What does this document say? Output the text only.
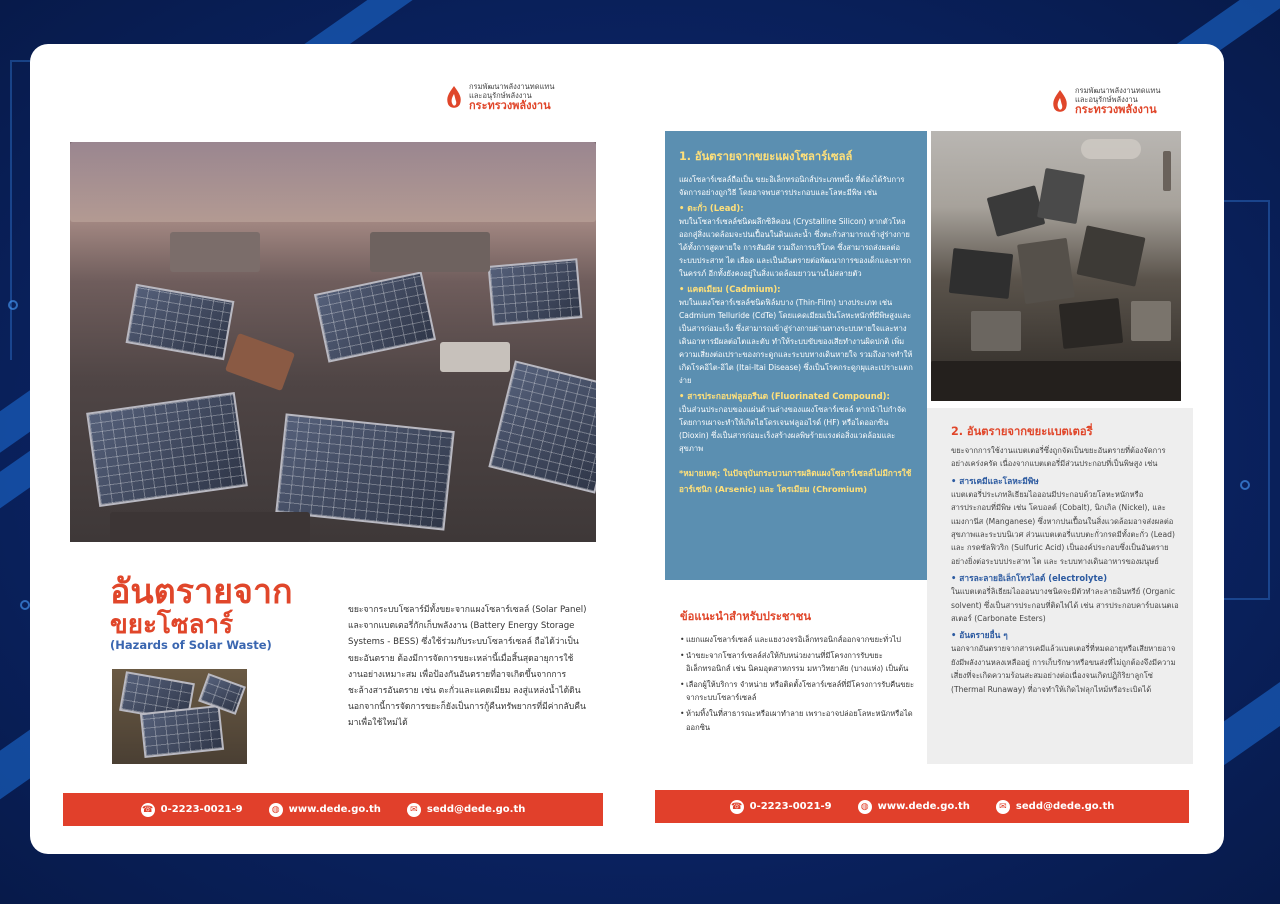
กรมพัฒนาพลังงานทดแทน
และอนุรักษ์พลังงาน
กระทรวงพลังงาน
กรมพัฒนาพลังงานทดแทน
และอนุรักษ์พลังงาน
กระทรวงพลังงาน
อันตรายจาก
ขยะโซลาร์
(Hazards of Solar Waste)
ขยะจากระบบโซลาร์มีทั้งขยะจากแผงโซลาร์เซลล์ (Solar Panel) และจากแบตเตอรี่กักเก็บพลังงาน (Battery Energy Storage Systems - BESS) ซึ่งใช้ร่วมกับระบบโซลาร์เซลล์ ถือได้ว่าเป็นขยะอันตราย ต้องมีการจัดการขยะเหล่านี้เมื่อสิ้นสุดอายุการใช้งานอย่างเหมาะสม เพื่อป้องกันอันตรายที่อาจเกิดขึ้นจากการชะล้างสารอันตราย เช่น ตะกั่วและแคดเมียม ลงสู่แหล่งน้ำได้ดิน นอกจากนี้การจัดการขยะก็ยังเป็นการกู้คืนทรัพยากรที่มีค่ากลับคืนมาเพื่อใช้ใหม่ได้
☎ 0-2223-0021-9	◍ www.dede.go.th	✉ sedd@dede.go.th
1. อันตรายจากขยะแผงโซลาร์เซลล์
แผงโซลาร์เซลล์ถือเป็น ขยะอิเล็กทรอนิกส์ประเภทหนึ่ง ที่ต้องได้รับการจัดการอย่างถูกวิธี โดยอาจพบสารประกอบและโลหะมีพิษ เช่น
• ตะกั่ว (Lead):
พบในโซลาร์เซลล์ชนิดผลึกซิลิคอน (Crystalline Silicon) หากตัวโหลออกสู่สิ่งแวดล้อมจะปนเปื้อนในดินและน้ำ ซึ่งตะกั่วสามารถเข้าสู่ร่างกายได้ทั้งการสูดหายใจ การสัมผัส รวมถึงการบริโภค ซึ่งสามารถส่งผลต่อระบบประสาท ไต เลือด และเป็นอันตรายต่อพัฒนาการของเด็กและทารกในครรภ์ อีกทั้งยังคงอยู่ในสิ่งแวดล้อมยาวนานไม่สลายตัว
• แคดเมียม (Cadmium):
พบในแผงโซลาร์เซลล์ชนิดฟิล์มบาง (Thin-Film) บางประเภท เช่น Cadmium Telluride (CdTe) โดยแคดเมียมเป็นโลหะหนักที่มีพิษสูงและเป็นสารก่อมะเร็ง ซึ่งสามารถเข้าสู่ร่างกายผ่านทางระบบหายใจและทางเดินอาหารมีผลต่อไตและตับ ทำให้ระบบขับของเสียทำงานผิดปกติ เพิ่มความเสี่ยงต่อเปราะของกระดูกและระบบทางเดินหายใจ รวมถึงอาจทำให้เกิดโรคอิไต-อิไต (Itai-Itai Disease) ซึ่งเป็นโรคกระดูกผุและเปราะแตกง่าย
• สารประกอบฟลูออรีนต (Fluorinated Compound):
เป็นส่วนประกอบของแผ่นด้านล่างของแผงโซลาร์เซลล์ หากนำไปกำจัดโดยการเผาจะทำให้เกิดไฮโดรเจนฟลูออไรด์ (HF) หรือไดออกซิน (Dioxin) ซึ่งเป็นสารก่อมะเร็งสร้างผลพิษร้ายแรงต่อสิ่งแวดล้อมและสุขภาพ
*หมายเหตุ: ในปัจจุบันกระบวนการผลิตแผงโซลาร์เซลล์ไม่มีการใช้อาร์เซนิก (Arsenic) และ โครเมียม (Chromium)
2. อันตรายจากขยะแบตเตอรี่
ขยะจากการใช้งานแบตเตอรี่ซึ่งถูกจัดเป็นขยะอันตรายที่ต้องจัดการอย่างเคร่งครัด เนื่องจากแบตเตอรี่มีส่วนประกอบที่เป็นพิษสูง เช่น
• สารเคมีและโลหะมีพิษ
แบตเตอรี่ประเภทลิเธียมไอออนมีประกอบด้วยโลหะหนักหรือสารประกอบที่มีพิษ เช่น โคบอลต์ (Cobalt), นิกเกิล (Nickel), และ แมงกานีส (Manganese) ซึ่งหากปนเปื้อนในสิ่งแวดล้อมอาจส่งผลต่อสุขภาพและระบบนิเวศ ส่วนแบตเตอรี่แบบตะกั่วกรดมีทั้งตะกั่ว (Lead) และ กรดซัลฟิวริก (Sulfuric Acid) เป็นองค์ประกอบซึ่งเป็นอันตรายอย่างยิ่งต่อระบบประสาท ไต และ ระบบทางเดินอาหารของมนุษย์
• สารละลายอิเล็กโทรไลต์ (electrolyte)
ในแบตเตอรี่ลิเธียมไอออนบางชนิดจะมีตัวทำละลายอินทรีย์ (Organic solvent) ซึ่งเป็นสารประกอบที่ติดไฟได้ เช่น สารประกอบคาร์บอเนตเอสเตอร์ (Carbonate Esters)
• อันตรายอื่น ๆ
นอกจากอันตรายจากสารเคมีแล้วแบตเตอรี่ที่หมดอายุหรือเสียหายอาจยังมีพลังงานหลงเหลืออยู่ การเก็บรักษาหรือขนส่งที่ไม่ถูกต้องจึงมีความเสี่ยงที่จะเกิดความร้อนสะสมอย่างต่อเนื่องจนเกิดปฏิกิริยาลูกโซ่ (Thermal Runaway) ที่อาจทำให้เกิดไฟลุกไหม้หรือระเบิดได้
ข้อแนะนำสำหรับประชาชน
• แยกแผงโซลาร์เซลล์ และแยงวงจรอิเล็กทรอนิกส์ออกจากขยะทั่วไป
• นำขยะจากโซลาร์เซลล์ส่งให้กับหน่วยงานที่มีโครงการรับขยะอิเล็กทรอนิกส์ เช่น นิคมอุตสาหกรรม มหาวิทยาลัย (บางแห่ง) เป็นต้น
• เลือกผู้ให้บริการ จำหน่าย หรือติดตั้งโซลาร์เซลล์ที่มีโครงการรับคืนขยะจากระบบโซลาร์เซลล์
• ห้ามทิ้งในที่สาธารณะหรือเผาทำลาย เพราะอาจปล่อยโลหะหนักหรือไดออกซิน
☎ 0-2223-0021-9	◍ www.dede.go.th	✉ sedd@dede.go.th
